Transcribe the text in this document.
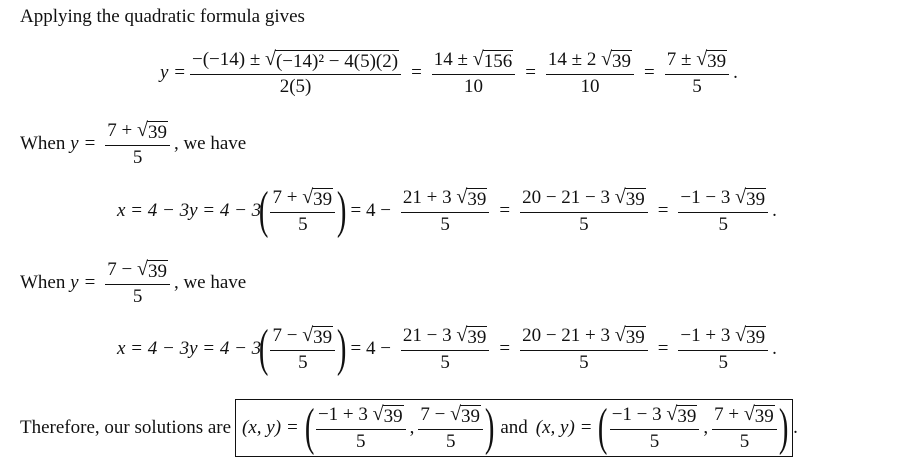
Applying the quadratic formula gives
$y = \frac{\text{−(−14) ± √ (−14)² − 4(5)(2)}}{2(5)} = \frac{14 \pm √ 156}{10} = \frac{14 \pm 2 √ 39}{10} = \frac{7 \pm √ 39}{5}$ .
When
$y = \frac{7 + √ 39}{5}$ , we have
x = 4 − 3y = 4 − 3
( $\frac{7 + √ 39}{5}$ ) = $4 - \frac{21 + 3 √ 39}{5} = \frac{20 - 21 - 3 √ 39}{5} = \frac{-1 - 3 √ 39}{5}$ .
When
$y = \frac{7 - √ 39}{5}$ , we have
x = 4 − 3y = 4 − 3
( $\frac{7 - √ 39}{5}$ ) = $4 - \frac{21 - 3 √ 39}{5} = \frac{20 - 21 + 3 √ 39}{5} = \frac{-1 + 3 √ 39}{5}$ .
Therefore, our solutions are (x, y) = ( $\frac{-1 + 3 √ 39}{5}$ , $\frac{7 - √ 39}{5}$ ) and (x, y) = ( $\frac{-1 - 3 √ 39}{5}$ , $\frac{7 + √ 39}{5}$ ) .
